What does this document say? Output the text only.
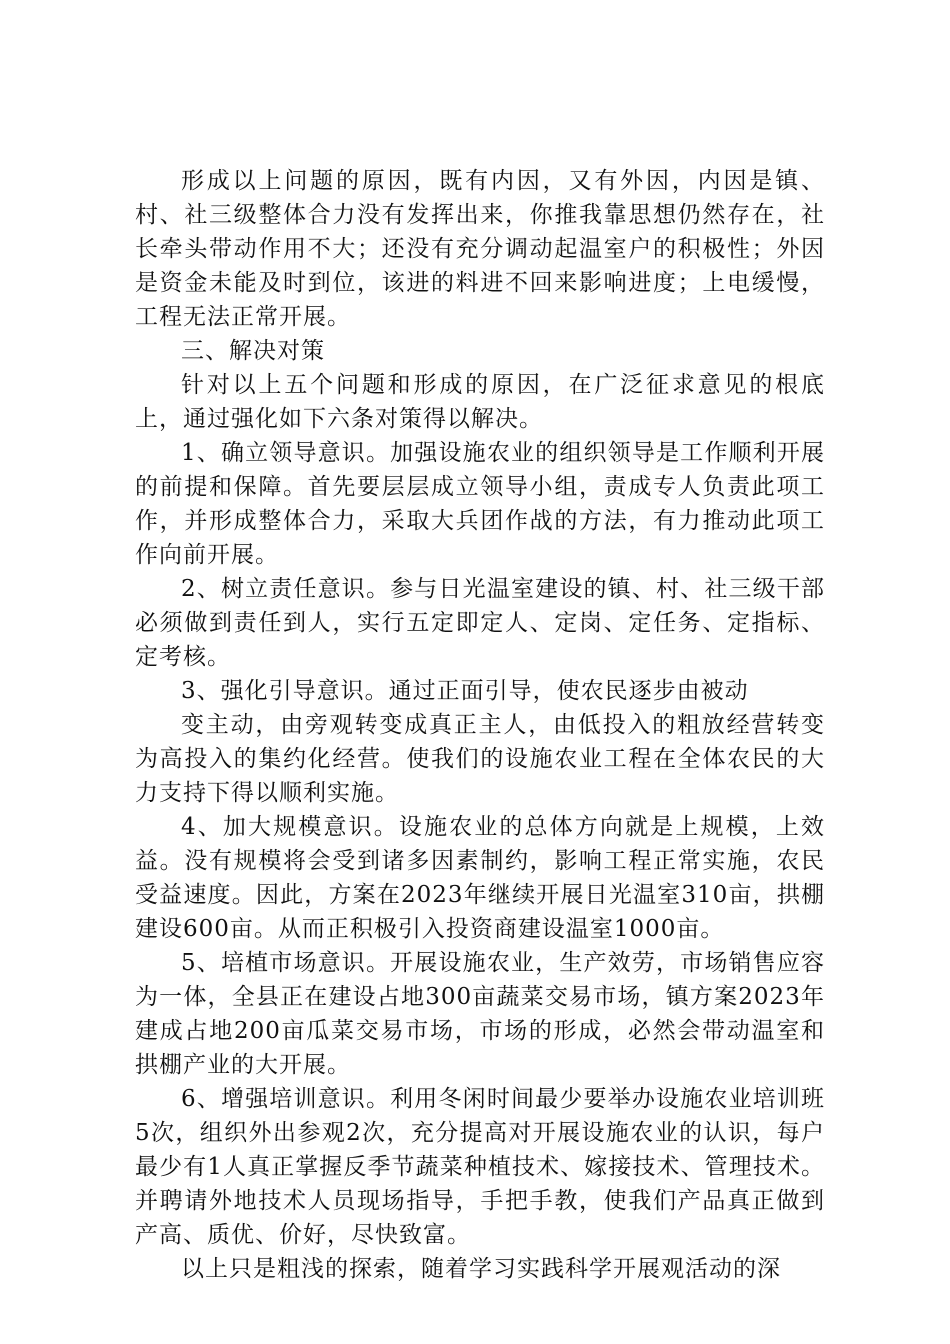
形成以上问题的原因，既有内因，又有外因，内因是镇、村、社三级整体合力没有发挥出来，你推我靠思想仍然存在，社长牵头带动作用不大；还没有充分调动起温室户的积极性；外因是资金未能及时到位，该进的料进不回来影响进度；上电缓慢，工程无法正常开展。

三、解决对策

针对以上五个问题和形成的原因，在广泛征求意见的根底上，通过强化如下六条对策得以解决。

1、确立领导意识。加强设施农业的组织领导是工作顺利开展的前提和保障。首先要层层成立领导小组，责成专人负责此项工作，并形成整体合力，采取大兵团作战的方法，有力推动此项工作向前开展。

2、树立责任意识。参与日光温室建设的镇、村、社三级干部必须做到责任到人，实行五定即定人、定岗、定任务、定指标、定考核。

3、强化引导意识。通过正面引导，使农民逐步由被动

变主动，由旁观转变成真正主人，由低投入的粗放经营转变为高投入的集约化经营。使我们的设施农业工程在全体农民的大力支持下得以顺利实施。

4、加大规模意识。设施农业的总体方向就是上规模，上效益。没有规模将会受到诸多因素制约，影响工程正常实施，农民受益速度。因此，方案在2023年继续开展日光温室310亩，拱棚建设600亩。从而正积极引入投资商建设温室1000亩。

5、培植市场意识。开展设施农业，生产效劳，市场销售应容为一体，全县正在建设占地300亩蔬菜交易市场，镇方案2023年建成占地200亩瓜菜交易市场，市场的形成，必然会带动温室和拱棚产业的大开展。

6、增强培训意识。利用冬闲时间最少要举办设施农业培训班5次，组织外出参观2次，充分提高对开展设施农业的认识，每户最少有1人真正掌握反季节蔬菜种植技术、嫁接技术、管理技术。并聘请外地技术人员现场指导，手把手教，使我们产品真正做到产高、质优、价好，尽快致富。

以上只是粗浅的探索，随着学习实践科学开展观活动的深
